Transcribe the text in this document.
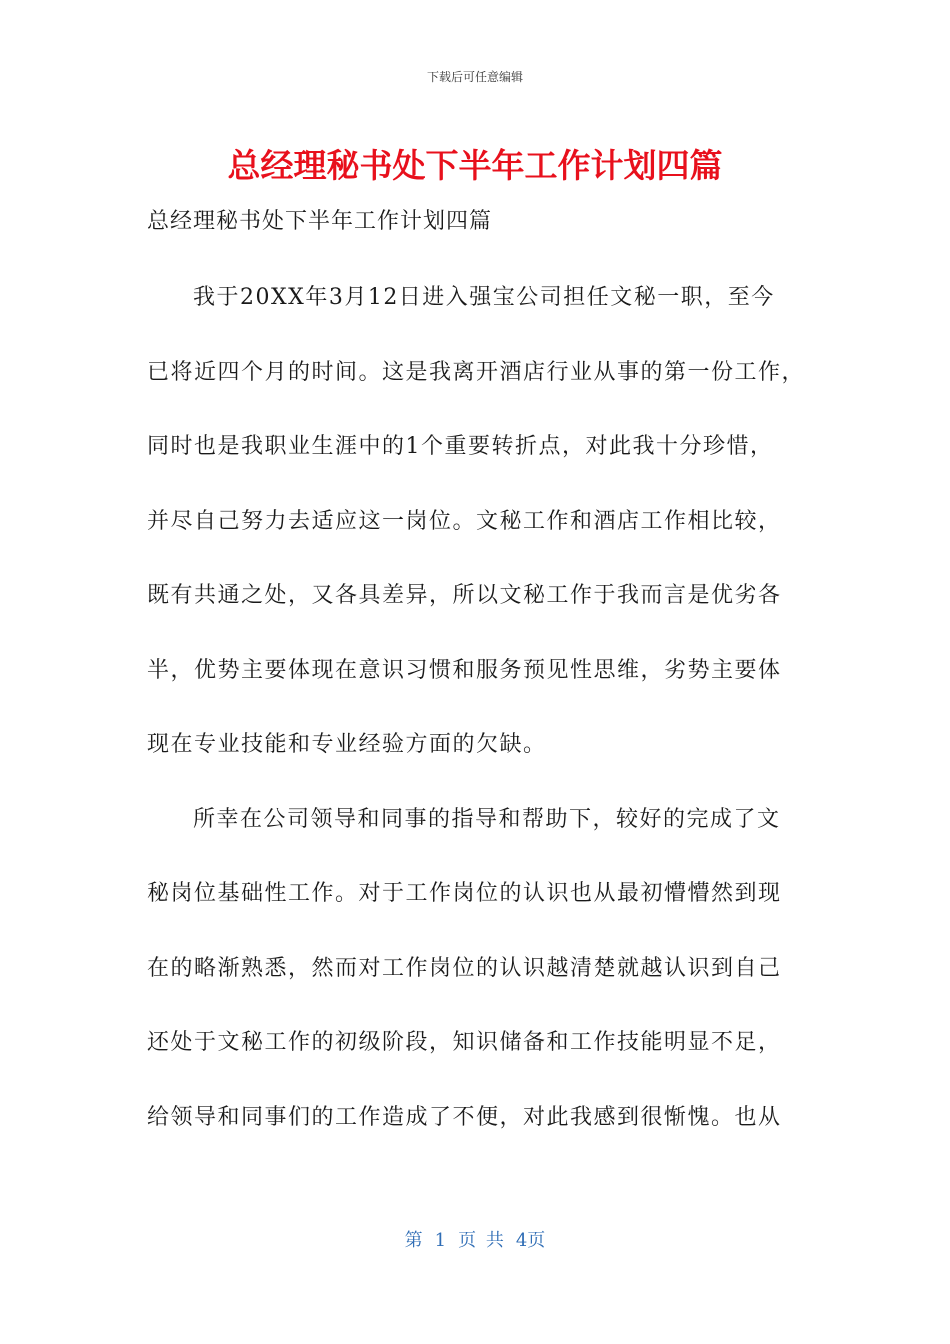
下载后可任意编辑
总经理秘书处下半年工作计划四篇
总经理秘书处下半年工作计划四篇
我于20XX年3月12日进入强宝公司担任文秘一职，至今
已将近四个月的时间。这是我离开酒店行业从事的第一份工作，
同时也是我职业生涯中的1个重要转折点，对此我十分珍惜，
并尽自己努力去适应这一岗位。文秘工作和酒店工作相比较，
既有共通之处，又各具差异，所以文秘工作于我而言是优劣各
半，优势主要体现在意识习惯和服务预见性思维，劣势主要体
现在专业技能和专业经验方面的欠缺。
所幸在公司领导和同事的指导和帮助下，较好的完成了文
秘岗位基础性工作。对于工作岗位的认识也从最初懵懵然到现
在的略渐熟悉，然而对工作岗位的认识越清楚就越认识到自己
还处于文秘工作的初级阶段，知识储备和工作技能明显不足，
给领导和同事们的工作造成了不便，对此我感到很惭愧。也从
第 1 页 共 4页
